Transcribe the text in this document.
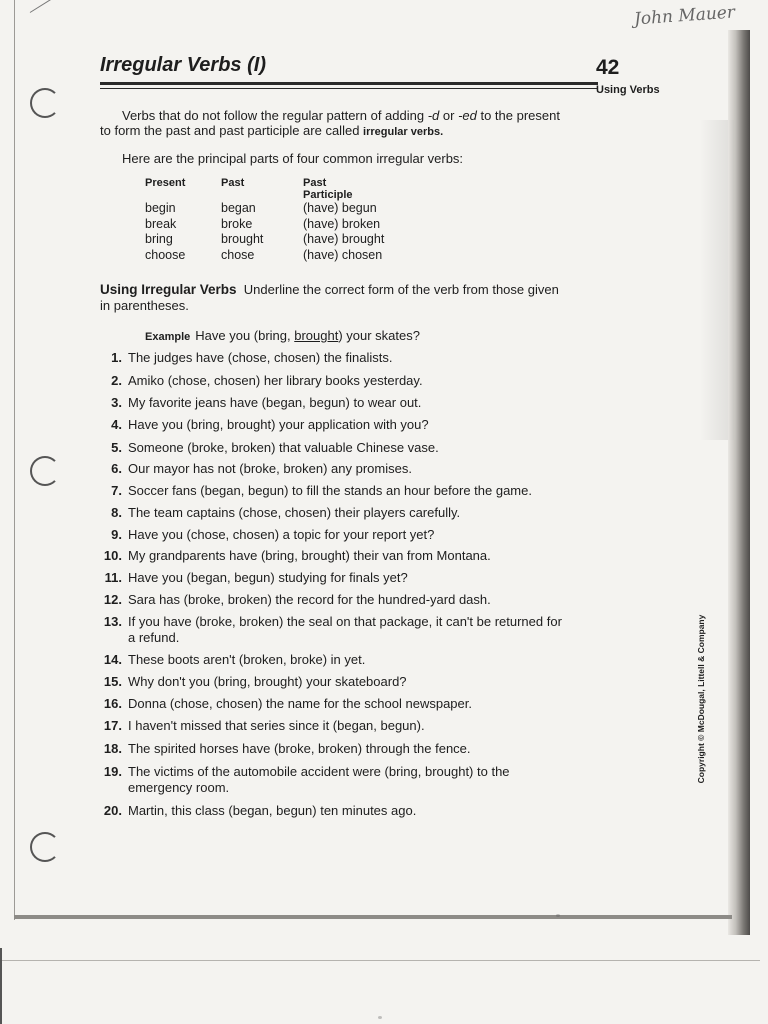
John Mauer
Irregular Verbs (I)	42
Using Verbs
Verbs that do not follow the regular pattern of adding -d or -ed to the present to form the past and past participle are called irregular verbs.
Here are the principal parts of four common irregular verbs:
Present	Past	Past Participle
begin	began	(have) begun
break	broke	(have) broken
bring	brought	(have) brought
choose	chose	(have) chosen
Using Irregular Verbs Underline the correct form of the verb from those given in parentheses.
Example Have you (bring, brought) your skates?
1. The judges have (chose, chosen) the finalists.
2. Amiko (chose, chosen) her library books yesterday.
3. My favorite jeans have (began, begun) to wear out.
4. Have you (bring, brought) your application with you?
5. Someone (broke, broken) that valuable Chinese vase.
6. Our mayor has not (broke, broken) any promises.
7. Soccer fans (began, begun) to fill the stands an hour before the game.
8. The team captains (chose, chosen) their players carefully.
9. Have you (chose, chosen) a topic for your report yet?
10. My grandparents have (bring, brought) their van from Montana.
11. Have you (began, begun) studying for finals yet?
12. Sara has (broke, broken) the record for the hundred-yard dash.
13. If you have (broke, broken) the seal on that package, it can't be returned for a refund.
14. These boots aren't (broken, broke) in yet.
15. Why don't you (bring, brought) your skateboard?
16. Donna (chose, chosen) the name for the school newspaper.
17. I haven't missed that series since it (began, begun).
18. The spirited horses have (broke, broken) through the fence.
19. The victims of the automobile accident were (bring, brought) to the emergency room.
20. Martin, this class (began, begun) ten minutes ago.
Copyright © McDougal, Littell & Company
